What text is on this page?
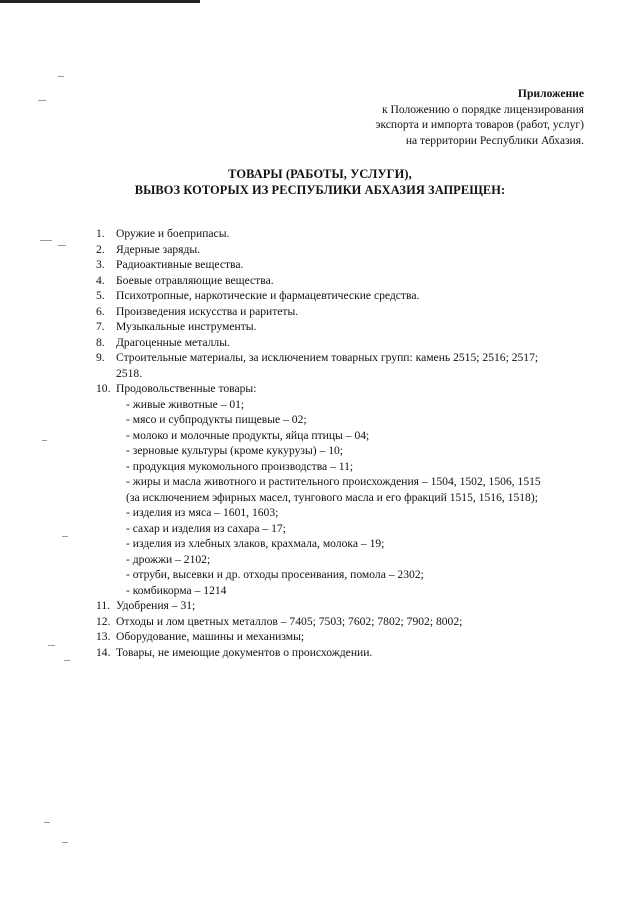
Приложение
к Положению о порядке лицензирования
экспорта и импорта товаров (работ, услуг)
на территории Республики Абхазия.
ТОВАРЫ (РАБОТЫ, УСЛУГИ),
ВЫВОЗ КОТОРЫХ ИЗ РЕСПУБЛИКИ АБХАЗИЯ ЗАПРЕЩЕН:
1. Оружие и боеприпасы.
2. Ядерные заряды.
3. Радиоактивные вещества.
4. Боевые отравляющие вещества.
5. Психотропные, наркотические и фармацевтические средства.
6. Произведения искусства и раритеты.
7. Музыкальные инструменты.
8. Драгоценные металлы.
9. Строительные материалы, за исключением товарных групп: камень 2515; 2516; 2517;
2518.
10. Продовольственные товары:
- живые животные – 01;
- мясо и субпродукты пищевые – 02;
- молоко и молочные продукты, яйца птицы – 04;
- зерновые культуры (кроме кукурузы) – 10;
- продукция мукомольного производства – 11;
- жиры и масла животного и растительного происхождения – 1504, 1502, 1506, 1515
(за исключением эфирных масел, тунгового масла и его фракций 1515, 1516, 1518);
- изделия из мяса – 1601, 1603;
- сахар и изделия из сахара – 17;
- изделия из хлебных злаков, крахмала, молока – 19;
- дрожжи – 2102;
- отруби, высевки и др. отходы просеивания, помола – 2302;
- комбикорма – 1214
11. Удобрения – 31;
12. Отходы и лом цветных металлов – 7405; 7503; 7602; 7802; 7902; 8002;
13. Оборудование, машины и механизмы;
14. Товары, не имеющие документов о происхождении.
